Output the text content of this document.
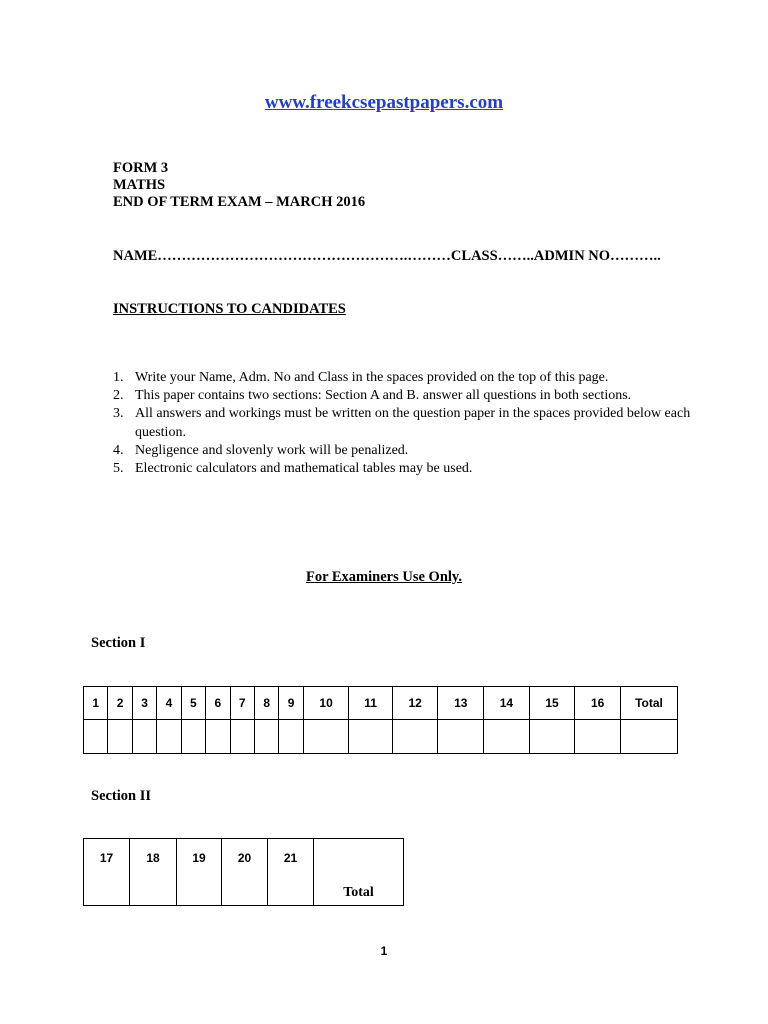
www.freekcsepastpapers.com
FORM 3
MATHS
END OF TERM EXAM – MARCH 2016
NAME…………………………………………….………CLASS……..ADMIN NO………..
INSTRUCTIONS TO CANDIDATES
1. Write your Name, Adm. No and Class in the spaces provided on the top of this page.
2. This paper contains two sections: Section A and B. answer all questions in both sections.
3. All answers and workings must be written on the question paper in the spaces provided below each question.
4. Negligence and slovenly work will be penalized.
5. Electronic calculators and mathematical tables may be used.
For Examiners Use Only.
Section I
1	2	3	4	5	6	7	8	9	10	11	12	13	14	15	16	Total

Section II
17	18	19	20	21	Total
1
